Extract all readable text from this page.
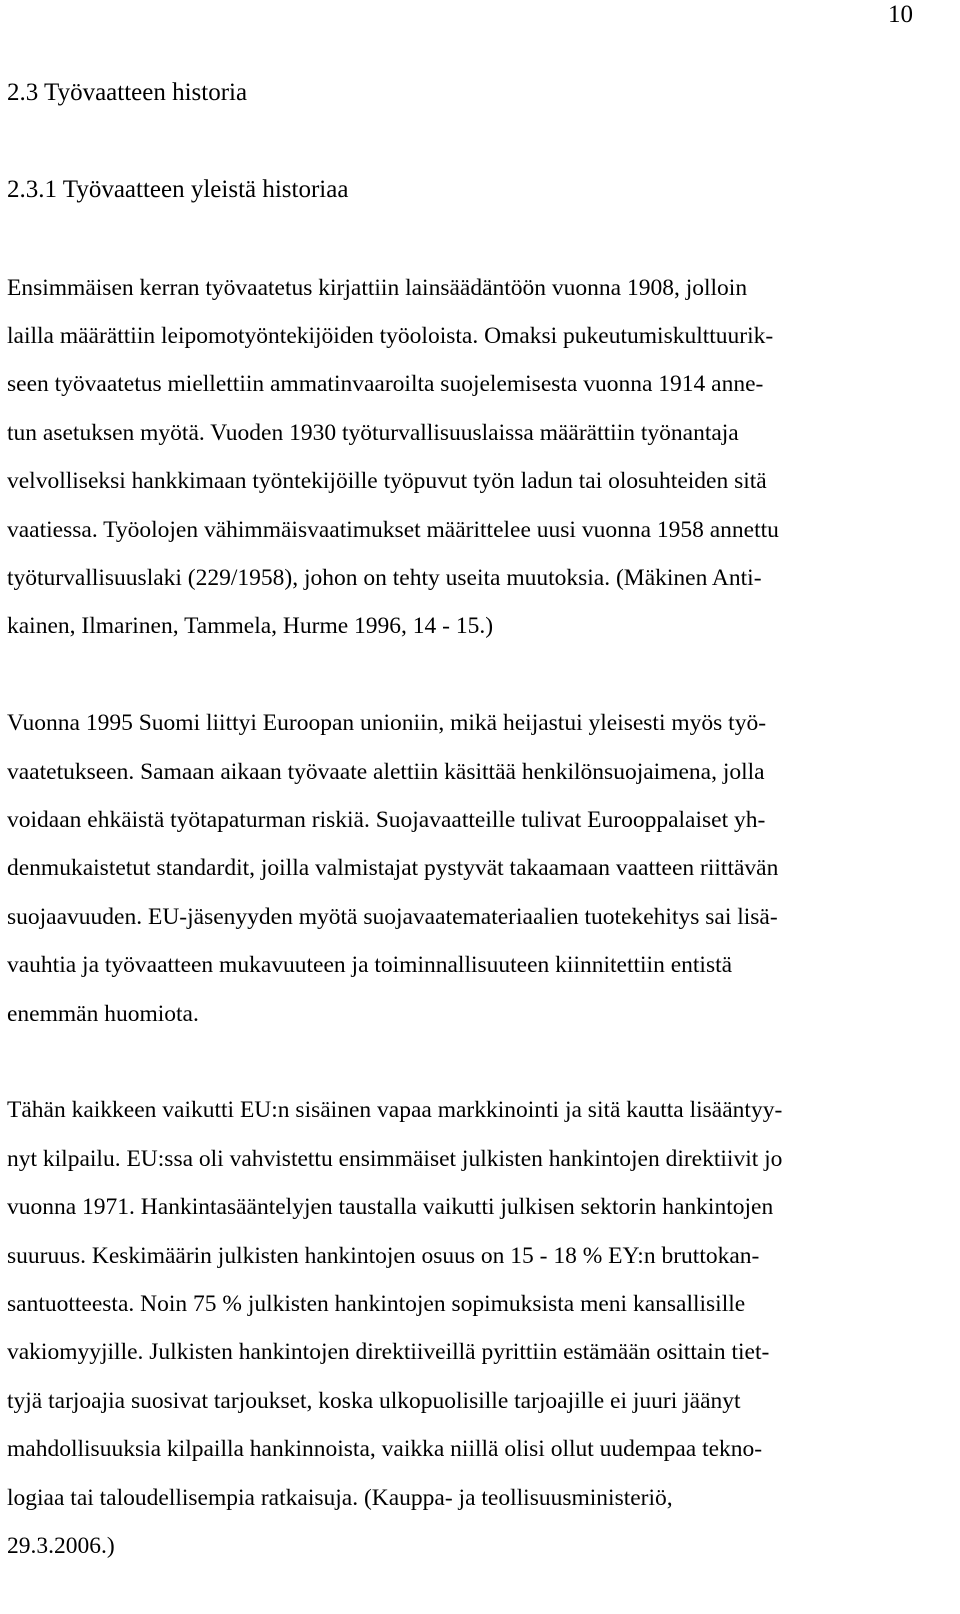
10
2.3 Työvaatteen historia
2.3.1 Työvaatteen yleistä historiaa
Ensimmäisen kerran työvaatetus kirjattiin lainsäädäntöön vuonna 1908, jolloin
lailla määrättiin leipomotyöntekijöiden työoloista. Omaksi pukeutumiskulttuurik-
seen työvaatetus miellettiin ammatinvaaroilta suojelemisesta vuonna 1914 anne-
tun asetuksen myötä. Vuoden 1930 työturvallisuuslaissa määrättiin työnantaja
velvolliseksi hankkimaan työntekijöille työpuvut työn ladun tai olosuhteiden sitä
vaatiessa. Työolojen vähimmäisvaatimukset määrittelee uusi vuonna 1958 annettu
työturvallisuuslaki (229/1958), johon on tehty useita muutoksia. (Mäkinen Anti-
kainen, Ilmarinen, Tammela, Hurme 1996, 14 - 15.)
Vuonna 1995 Suomi liittyi Euroopan unioniin, mikä heijastui yleisesti myös työ-
vaatetukseen. Samaan aikaan työvaate alettiin käsittää henkilönsuojaimena, jolla
voidaan ehkäistä työtapaturman riskiä. Suojavaatteille tulivat Eurooppalaiset yh-
denmukaistetut standardit, joilla valmistajat pystyvät takaamaan vaatteen riittävän
suojaavuuden. EU-jäsenyyden myötä suojavaatemateriaalien tuotekehitys sai lisä-
vauhtia ja työvaatteen mukavuuteen ja toiminnallisuuteen kiinnitettiin entistä
enemmän huomiota.
Tähän kaikkeen vaikutti EU:n sisäinen vapaa markkinointi ja sitä kautta lisääntyy-
nyt kilpailu. EU:ssa oli vahvistettu ensimmäiset julkisten hankintojen direktiivit jo
vuonna 1971. Hankintasääntelyjen taustalla vaikutti julkisen sektorin hankintojen
suuruus. Keskimäärin julkisten hankintojen osuus on 15 - 18 % EY:n bruttokan-
santuotteesta. Noin 75 % julkisten hankintojen sopimuksista meni kansallisille
vakiomyyjille. Julkisten hankintojen direktiiveillä pyrittiin estämään osittain tiet-
tyjä tarjoajia suosivat tarjoukset, koska ulkopuolisille tarjoajille ei juuri jäänyt
mahdollisuuksia kilpailla hankinnoista, vaikka niillä olisi ollut uudempaa tekno-
logiaa tai taloudellisempia ratkaisuja. (Kauppa- ja teollisuusministeriö,
29.3.2006.)
